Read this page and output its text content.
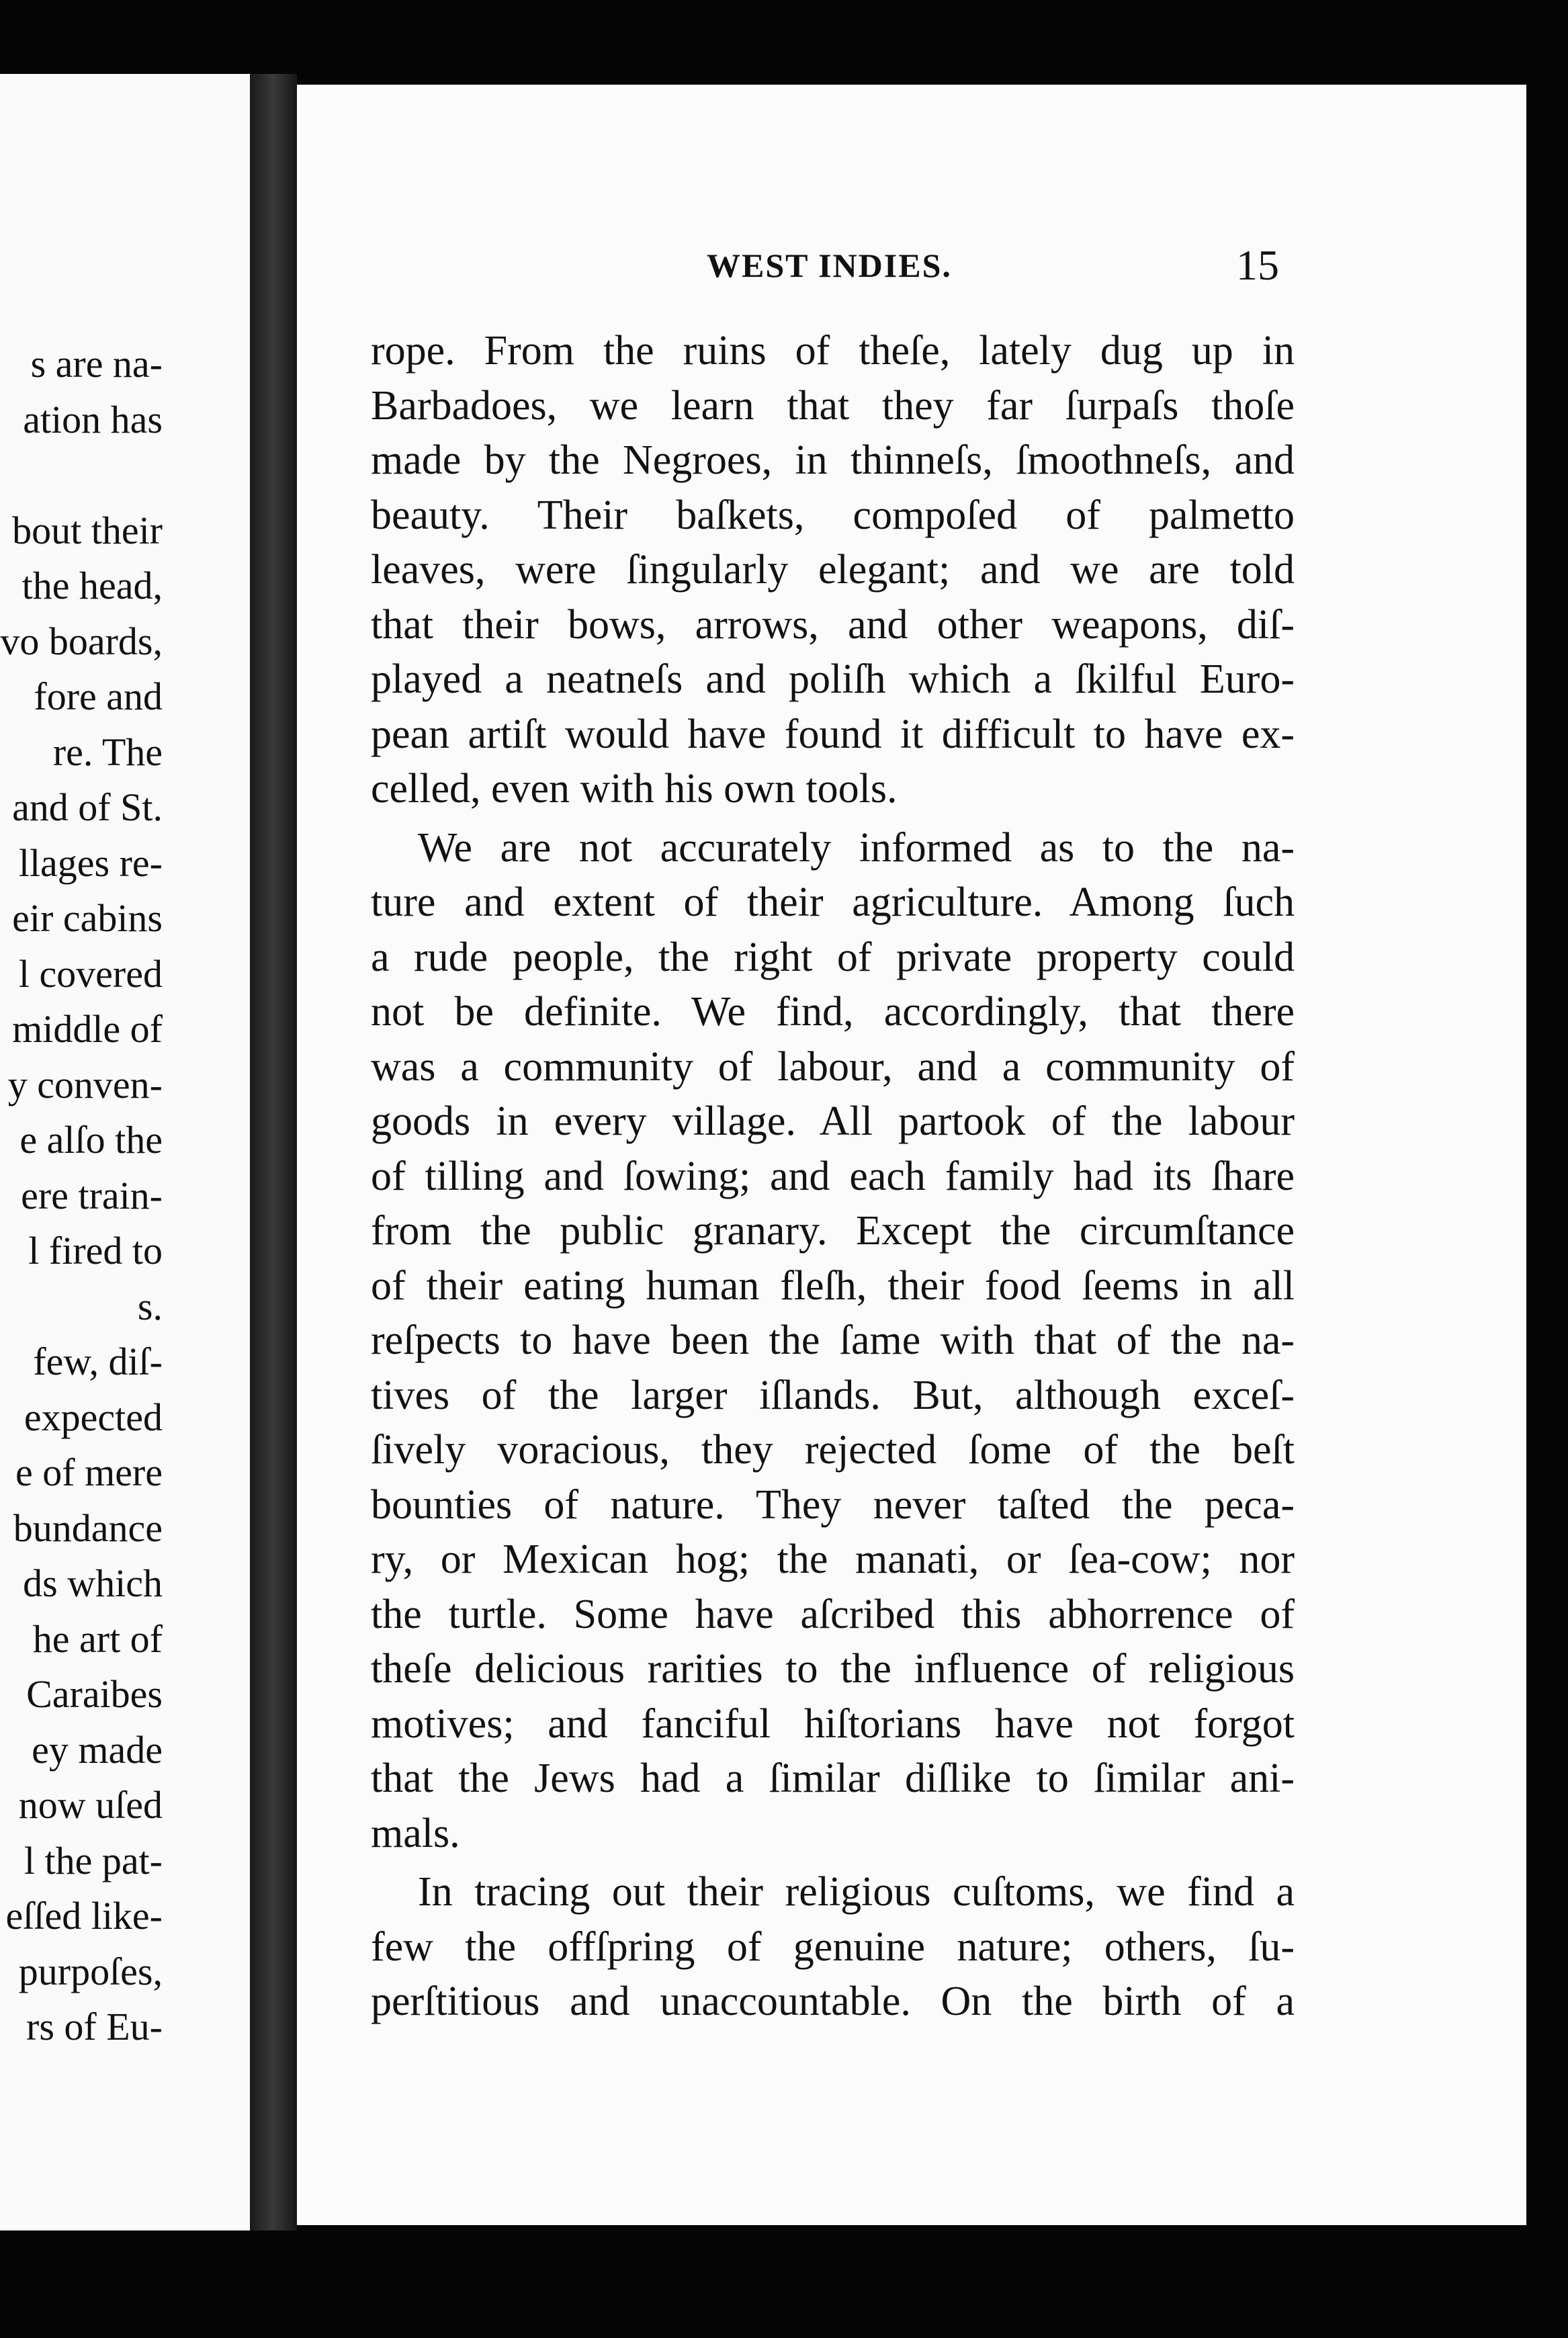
s are na-
ation has
bout their
the head,
vo boards,
fore and
re. The
and of St.
llages re-
eir cabins
l covered
middle of
y conven-
e alſo the
ere train-
l fired to
s.
few, diſ-
expected
e of mere
bundance
ds which
he art of
Caraibes
ey made
now uſed
l the pat-
eſſed like-
purpoſes,
rs of Eu-
WEST INDIES.	15
rope. From the ruins of theſe, lately dug up in
Barbadoes, we learn that they far ſurpaſs thoſe
made by the Negroes, in thinneſs, ſmoothneſs, and
beauty. Their baſkets, compoſed of palmetto
leaves, were ſingularly elegant; and we are told
that their bows, arrows, and other weapons, diſ-
played a neatneſs and poliſh which a ſkilful Euro-
pean artiſt would have found it difficult to have ex-
celled, even with his own tools.
We are not accurately informed as to the na-
ture and extent of their agriculture. Among ſuch
a rude people, the right of private property could
not be definite. We find, accordingly, that there
was a community of labour, and a community of
goods in every village. All partook of the labour
of tilling and ſowing; and each family had its ſhare
from the public granary. Except the circumſtance
of their eating human fleſh, their food ſeems in all
reſpects to have been the ſame with that of the na-
tives of the larger iſlands. But, although exceſ-
ſively voracious, they rejected ſome of the beſt
bounties of nature. They never taſted the peca-
ry, or Mexican hog; the manati, or ſea-cow; nor
the turtle. Some have aſcribed this abhorrence of
theſe delicious rarities to the influence of religious
motives; and fanciful hiſtorians have not forgot
that the Jews had a ſimilar diſlike to ſimilar ani-
mals.
In tracing out their religious cuſtoms, we find a
few the offſpring of genuine nature; others, ſu-
perſtitious and unaccountable. On the birth of a
